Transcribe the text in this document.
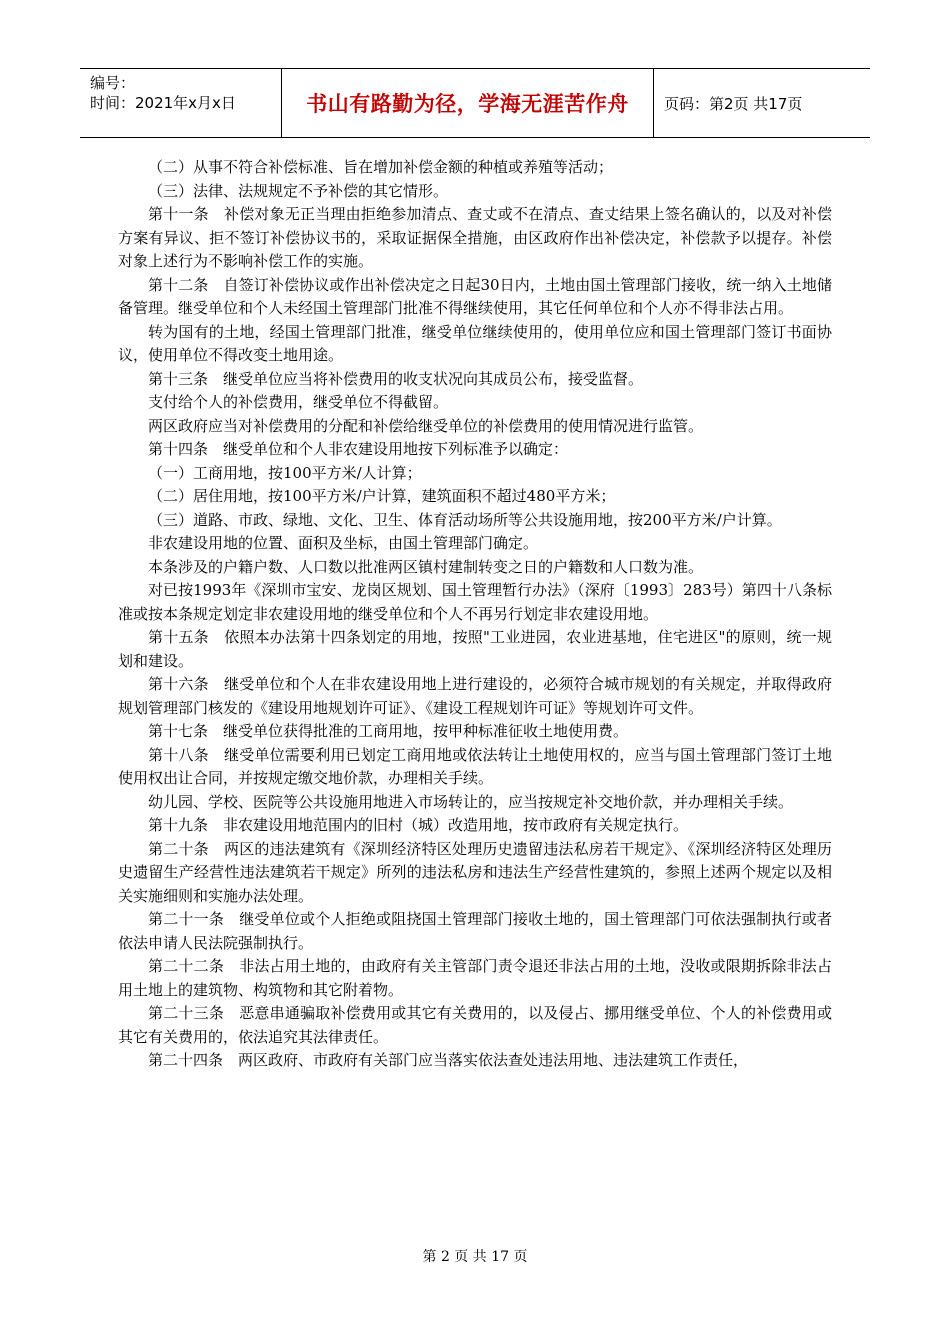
编号：
时间：2021年x月x日	书山有路勤为径，学海无涯苦作舟	页码：第2页 共17页

（二）从事不符合补偿标准、旨在增加补偿金额的种植或养殖等活动；

（三）法律、法规规定不予补偿的其它情形。

第十一条　补偿对象无正当理由拒绝参加清点、查丈或不在清点、查丈结果上签名确认的，以及对补偿方案有异议、拒不签订补偿协议书的，采取证据保全措施，由区政府作出补偿决定，补偿款予以提存。补偿对象上述行为不影响补偿工作的实施。

第十二条　自签订补偿协议或作出补偿决定之日起30日内，土地由国土管理部门接收，统一纳入土地储备管理。继受单位和个人未经国土管理部门批准不得继续使用，其它任何单位和个人亦不得非法占用。

转为国有的土地，经国土管理部门批准，继受单位继续使用的，使用单位应和国土管理部门签订书面协议，使用单位不得改变土地用途。

第十三条　继受单位应当将补偿费用的收支状况向其成员公布，接受监督。

支付给个人的补偿费用，继受单位不得截留。

两区政府应当对补偿费用的分配和补偿给继受单位的补偿费用的使用情况进行监管。

第十四条　继受单位和个人非农建设用地按下列标准予以确定：

（一）工商用地，按100平方米/人计算；

（二）居住用地，按100平方米/户计算，建筑面积不超过480平方米；

（三）道路、市政、绿地、文化、卫生、体育活动场所等公共设施用地，按200平方米/户计算。

非农建设用地的位置、面积及坐标，由国土管理部门确定。

本条涉及的户籍户数、人口数以批准两区镇村建制转变之日的户籍数和人口数为准。

对已按1993年《深圳市宝安、龙岗区规划、国土管理暂行办法》（深府〔1993〕283号）第四十八条标准或按本条规定划定非农建设用地的继受单位和个人不再另行划定非农建设用地。

第十五条　依照本办法第十四条划定的用地，按照"工业进园，农业进基地，住宅进区"的原则，统一规划和建设。

第十六条　继受单位和个人在非农建设用地上进行建设的，必须符合城市规划的有关规定，并取得政府规划管理部门核发的《建设用地规划许可证》、《建设工程规划许可证》等规划许可文件。

第十七条　继受单位获得批准的工商用地，按甲种标准征收土地使用费。

第十八条　继受单位需要利用已划定工商用地或依法转让土地使用权的，应当与国土管理部门签订土地使用权出让合同，并按规定缴交地价款，办理相关手续。

幼儿园、学校、医院等公共设施用地进入市场转让的，应当按规定补交地价款，并办理相关手续。

第十九条　非农建设用地范围内的旧村（城）改造用地，按市政府有关规定执行。

第二十条　两区的违法建筑有《深圳经济特区处理历史遗留违法私房若干规定》、《深圳经济特区处理历史遗留生产经营性违法建筑若干规定》所列的违法私房和违法生产经营性建筑的，参照上述两个规定以及相关实施细则和实施办法处理。

第二十一条　继受单位或个人拒绝或阻挠国土管理部门接收土地的，国土管理部门可依法强制执行或者依法申请人民法院强制执行。

第二十二条　非法占用土地的，由政府有关主管部门责令退还非法占用的土地，没收或限期拆除非法占用土地上的建筑物、构筑物和其它附着物。

第二十三条　恶意串通骗取补偿费用或其它有关费用的，以及侵占、挪用继受单位、个人的补偿费用或其它有关费用的，依法追究其法律责任。

第二十四条　两区政府、市政府有关部门应当落实依法查处违法用地、违法建筑工作责任，

第 2 页 共 17 页
